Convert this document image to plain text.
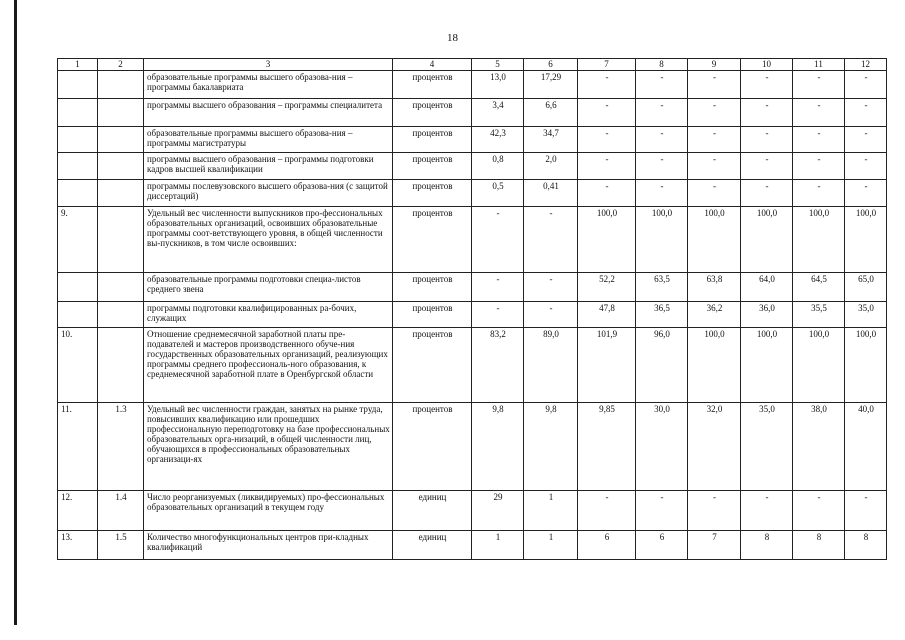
18
1	2	3	4	5	6	7	8	9	10	11	12
		образовательные программы высшего образова-ния – программы бакалавриата	процентов	13,0	17,29	-	-	-	-	-	-
		программы высшего образования – программы специалитета	процентов	3,4	6,6	-	-	-	-	-	-
		образовательные программы высшего образова-ния – программы магистратуры	процентов	42,3	34,7	-	-	-	-	-	-
		программы высшего образования – программы подготовки кадров высшей квалификации	процентов	0,8	2,0	-	-	-	-	-	-
		программы послевузовского высшего образова-ния (с защитой диссертаций)	процентов	0,5	0,41	-	-	-	-	-	-
9.		Удельный вес численности выпускников про-фессиональных образовательных организаций, освоивших образовательные программы соот-ветствующего уровня, в общей численности вы-пускников, в том числе освоивших:	процентов	-	-	100,0	100,0	100,0	100,0	100,0	100,0
		образовательные программы подготовки специа-листов среднего звена	процентов	-	-	52,2	63,5	63,8	64,0	64,5	65,0
		программы подготовки квалифицированных ра-бочих, служащих	процентов	-	-	47,8	36,5	36,2	36,0	35,5	35,0
10.		Отношение среднемесячной заработной платы пре-подавателей и мастеров производственного обуче-ния государственных образовательных организаций, реализующих программы среднего профессиональ-ного образования, к среднемесячной заработной плате в Оренбургской области	процентов	83,2	89,0	101,9	96,0	100,0	100,0	100,0	100,0
11.	1.3	Удельный вес численности граждан, занятых на рынке труда, повысивших квалификацию или прошедших профессиональную переподготовку на базе профессиональных образовательных орга-низаций, в общей численности лиц, обучающихся в профессиональных образовательных организаци-ях	процентов	9,8	9,8	9,85	30,0	32,0	35,0	38,0	40,0
12.	1.4	Число реорганизуемых (ликвидируемых) про-фессиональных образовательных организаций в текущем году	единиц	29	1	-	-	-	-	-	-
13.	1.5	Количество многофункциональных центров при-кладных квалификаций	единиц	1	1	6	6	7	8	8	8
